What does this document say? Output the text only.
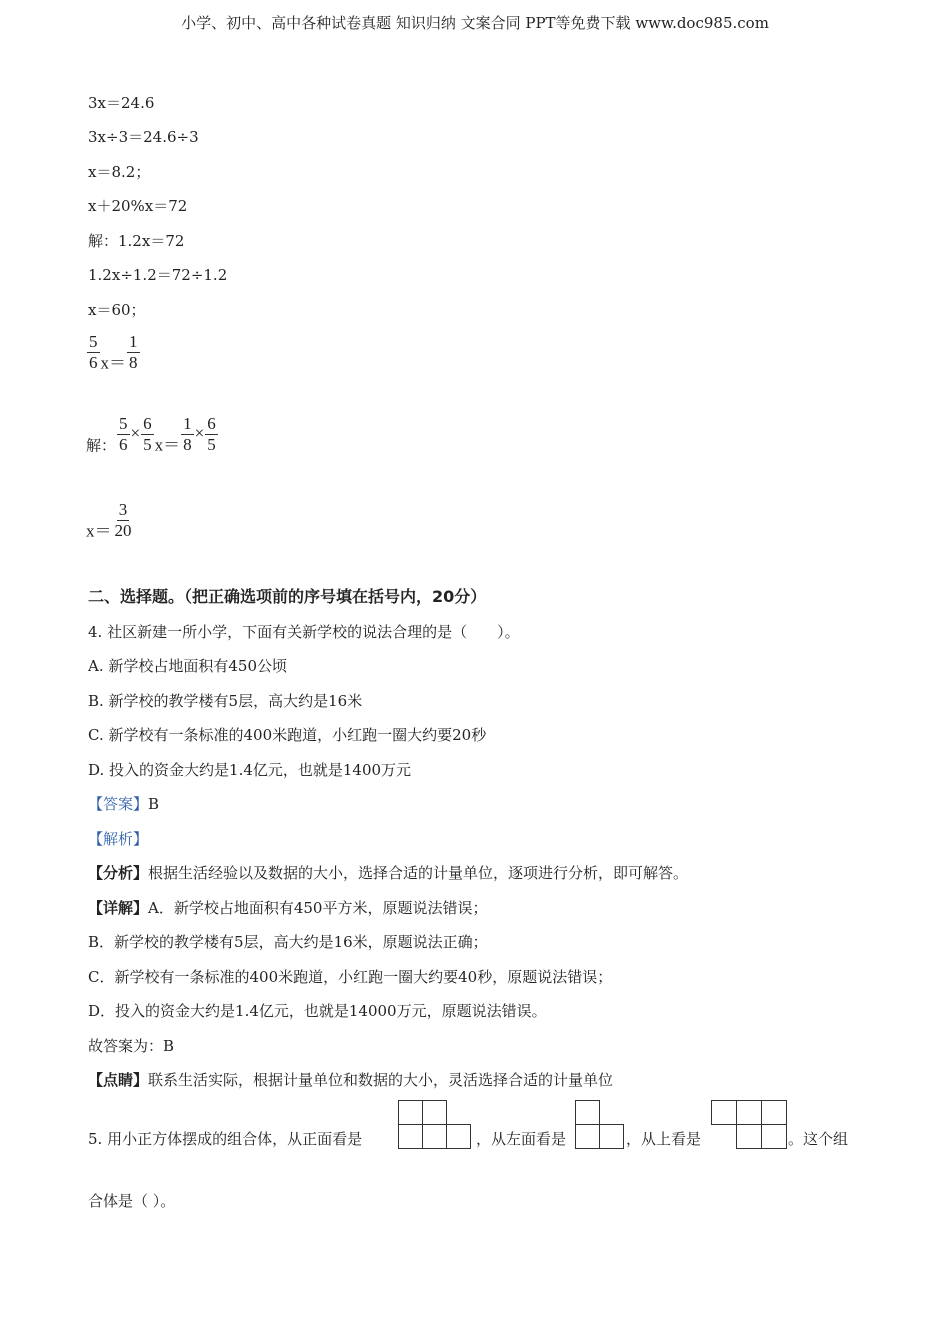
小学、初中、高中各种试卷真题 知识归纳 文案合同 PPT等免费下载 www.doc985.com
3x＝24.6
3x÷3＝24.6÷3
x＝8.2；
x＋20%x＝72
解：1.2x＝72
1.2x÷1.2＝72÷1.2
x＝60；
$\frac{5}{6} x= \frac{1}{8}$
解： $\frac{5}{6} \times \frac{6}{5} x= \frac{1}{8} \times \frac{6}{5}$
$x= \frac{3}{20}$
二、选择题。（把正确选项前的序号填在括号内，20分）
4. 社区新建一所小学，下面有关新学校的说法合理的是（　　）。
A. 新学校占地面积有450公顷
B. 新学校的教学楼有5层，高大约是16米
C. 新学校有一条标准的400米跑道，小红跑一圈大约要20秒
D. 投入的资金大约是1.4亿元，也就是1400万元
【答案】B
【解析】
【分析】根据生活经验以及数据的大小，选择合适的计量单位，逐项进行分析，即可解答。
【详解】A．新学校占地面积有450平方米，原题说法错误；
B．新学校的教学楼有5层，高大约是16米，原题说法正确；
C．新学校有一条标准的400米跑道，小红跑一圈大约要40秒，原题说法错误；
D．投入的资金大约是1.4亿元，也就是14000万元，原题说法错误。
故答案为：B
【点睛】联系生活实际，根据计量单位和数据的大小，灵活选择合适的计量单位
5. 用小正方体摆成的组合体，从正面看是	，从左面看是	，从上看是	。这个组
合体是（ ）。
